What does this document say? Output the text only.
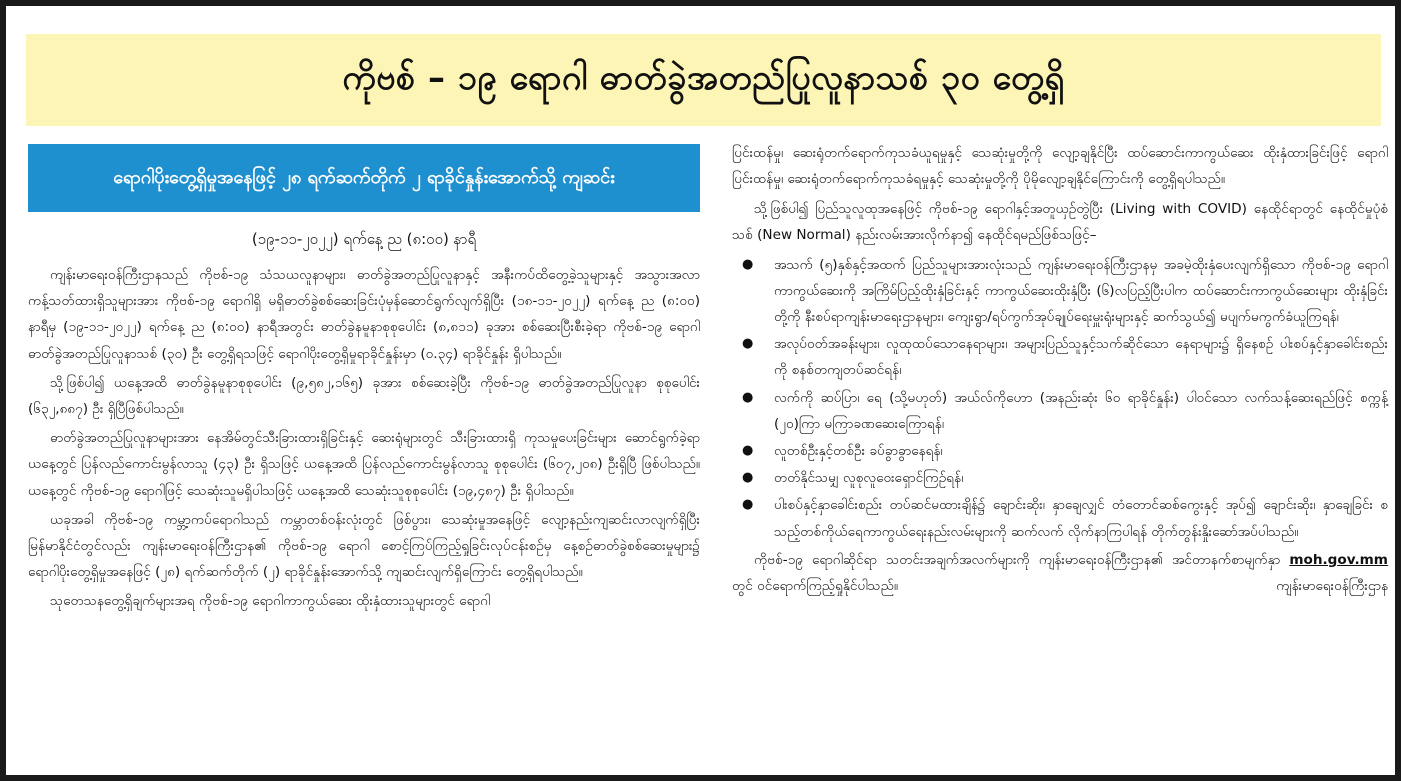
ကိုဗစ် – ၁၉ ရောဂါ ဓာတ်ခွဲအတည်ပြုလူနာသစ် ၃၀ တွေ့ရှိ
ရောဂါပိုးတွေ့ရှိမှုအနေဖြင့် ၂၈ ရက်ဆက်တိုက် ၂ ရာခိုင်နှုန်းအောက်သို့ ကျဆင်း
(၁၉-၁၁-၂၀၂၂) ရက်နေ့ ည (၈:၀၀) နာရီ

ကျန်းမာရေးဝန်ကြီးဌာနသည် ကိုဗစ်-၁၉ သံသယလူနာများ၊ ဓာတ်ခွဲအတည်ပြုလူနာနှင့် အနီးကပ်ထိတွေ့ခဲ့သူများနှင့် အသွားအလာကန့်သတ်ထားရှိသူများအား ကိုဗစ်-၁၉ ရောဂါရှိ မရှိဓာတ်ခွဲစစ်ဆေးခြင်းပုံမှန်ဆောင်ရွက်လျက်ရှိပြီး (၁၈-၁၁-၂၀၂၂) ရက်နေ့ ည (၈:၀၀) နာရီမှ (၁၉-၁၁-၂၀၂၂) ရက်နေ့ ည (၈:၀၀) နာရီအတွင်း ဓာတ်ခွဲနမူနာစုစုပေါင်း (၈,၈၁၁) ခုအား စစ်ဆေးပြီးစီးခဲ့ရာ ကိုဗစ်-၁၉ ရောဂါ ဓာတ်ခွဲအတည်ပြုလူနာသစ် (၃၀) ဦး တွေ့ရှိရသဖြင့် ရောဂါပိုးတွေ့ရှိမှုရာခိုင်နှုန်းမှာ (၀.၃၄) ရာခိုင်နှုန်း ရှိပါသည်။

သို့ဖြစ်ပါ၍ ယနေ့အထိ ဓာတ်ခွဲနမူနာစုစုပေါင်း (၉,၅၈၂,၁၆၅) ခုအား စစ်ဆေးခဲ့ပြီး ကိုဗစ်-၁၉ ဓာတ်ခွဲအတည်ပြုလူနာ စုစုပေါင်း (၆၃၂,၈၈၇) ဦး ရှိပြီဖြစ်ပါသည်။

ဓာတ်ခွဲအတည်ပြုလူနာများအား နေအိမ်တွင်သီးခြားထားရှိခြင်းနှင့် ဆေးရုံများတွင် သီးခြားထားရှိ ကုသမှုပေးခြင်းများ ဆောင်ရွက်ခဲ့ရာ ယနေ့တွင် ပြန်လည်ကောင်းမွန်လာသူ (၄၃) ဦး ရှိသဖြင့် ယနေ့အထိ ပြန်လည်ကောင်းမွန်လာသူ စုစုပေါင်း (၆၀၇,၂၀၈) ဦးရှိပြီ ဖြစ်ပါသည်။ ယနေ့တွင် ကိုဗစ်-၁၉ ရောဂါဖြင့် သေဆုံးသူမရှိပါသဖြင့် ယနေ့အထိ သေဆုံးသူစုစုပေါင်း (၁၉,၄၈၇) ဦး ရှိပါသည်။

ယခုအခါ ကိုဗစ်-၁၉ ကမ္ဘာ့ကပ်ရောဂါသည် ကမ္ဘာတစ်ဝန်းလုံးတွင် ဖြစ်ပွား၊ သေဆုံးမှုအနေဖြင့် လျော့နည်းကျဆင်းလာလျက်ရှိပြီး မြန်မာနိုင်ငံတွင်လည်း ကျန်းမာရေးဝန်ကြီးဌာန၏ ကိုဗစ်-၁၉ ရောဂါ စောင့်ကြပ်ကြည့်ရှုခြင်းလုပ်ငန်းစဉ်မှ နေ့စဉ်ဓာတ်ခွဲစစ်ဆေးမှုများ၌ ရောဂါပိုးတွေ့ရှိမှုအနေဖြင့် (၂၈) ရက်ဆက်တိုက် (၂) ရာခိုင်နှုန်းအောက်သို့ ကျဆင်းလျက်ရှိကြောင်း တွေ့ရှိရပါသည်။

သုတေသနတွေ့ရှိချက်များအရ ကိုဗစ်-၁၉ ရောဂါကာကွယ်ဆေး ထိုးနှံထားသူများတွင် ရောဂါ

ပြင်းထန်မှု၊ ဆေးရုံတက်ရောက်ကုသခံယူရမှုနှင့် သေဆုံးမှုတို့ကို လျော့ချနိုင်ပြီး ထပ်ဆောင်းကာကွယ်ဆေး ထိုးနှံထားခြင်းဖြင့် ရောဂါပြင်းထန်မှု၊ ဆေးရုံတက်ရောက်ကုသခံရမှုနှင့် သေဆုံးမှုတို့ကို ပိုမိုလျော့ချနိုင်ကြောင်းကို တွေ့ရှိရပါသည်။

သို့ဖြစ်ပါ၍ ပြည်သူလူထုအနေဖြင့် ကိုဗစ်-၁၉ ရောဂါနှင့်အတူယှဉ်တွဲပြီး (Living with COVID) နေထိုင်ရာတွင် နေထိုင်မှုပုံစံသစ် (New Normal) နည်းလမ်းအားလိုက်နာ၍ နေထိုင်ရမည်ဖြစ်သဖြင့်–

● အသက် (၅)နှစ်နှင့်အထက် ပြည်သူများအားလုံးသည် ကျန်းမာရေးဝန်ကြီးဌာနမှ အခမဲ့ထိုးနှံပေးလျက်ရှိသော ကိုဗစ်-၁၉ ရောဂါ ကာကွယ်ဆေးကို အကြိမ်ပြည့်ထိုးနှံခြင်းနှင့် ကာကွယ်ဆေးထိုးနှံပြီး (၆)လပြည့်ပြီးပါက ထပ်ဆောင်းကာကွယ်ဆေးများ ထိုးနှံခြင်းတို့ကို နီးစပ်ရာကျန်းမာရေးဌာနများ၊ ကျေးရွာ/ရပ်ကွက်အုပ်ချုပ်ရေးမှူးရုံးများနှင့် ဆက်သွယ်၍ မပျက်မကွက်ခံယူကြရန်၊
● အလုပ်ဝတ်အခန်းများ၊ လူထုထပ်သောနေရာများ၊ အများပြည်သူနှင့်သက်ဆိုင်သော နေရာများ၌ ရှိနေစဉ် ပါးစပ်နှင့်နှာခေါင်းစည်းကို စနစ်တကျတပ်ဆင်ရန်၊
● လက်ကို ဆပ်ပြာ၊ ရေ (သို့မဟုတ်) အယ်လ်ကိုဟော (အနည်းဆုံး ၆၀ ရာခိုင်နှုန်း) ပါဝင်သော လက်သန့်ဆေးရည်ဖြင့် စက္ကန့် (၂၀)ကြာ မကြာခဏဆေးကြောရန်၊
● လူတစ်ဦးနှင့်တစ်ဦး ခပ်ခွာခွာနေရန်၊
● တတ်နိုင်သမျှ လူစုလူဝေးရှောင်ကြဉ်ရန်၊
● ပါးစပ်နှင့်နှာခေါင်းစည်း တပ်ဆင်မထားချိန်၌ ချောင်းဆိုး၊ နှာချေလျှင် တံတောင်ဆစ်ကွေးနှင့် အုပ်၍ ချောင်းဆိုး၊ နှာချေခြင်း စသည့်တစ်ကိုယ်ရေကာကွယ်ရေးနည်းလမ်းများကို ဆက်လက် လိုက်နာကြပါရန် တိုက်တွန်းနှိုးဆော်အပ်ပါသည်။

ကိုဗစ်-၁၉ ရောဂါဆိုင်ရာ သတင်းအချက်အလက်များကို ကျန်းမာရေးဝန်ကြီးဌာန၏ အင်တာနက်စာမျက်နှာ moh.gov.mm တွင် ဝင်ရောက်ကြည့်ရှုနိုင်ပါသည်။	ကျန်းမာရေးဝန်ကြီးဌာန
